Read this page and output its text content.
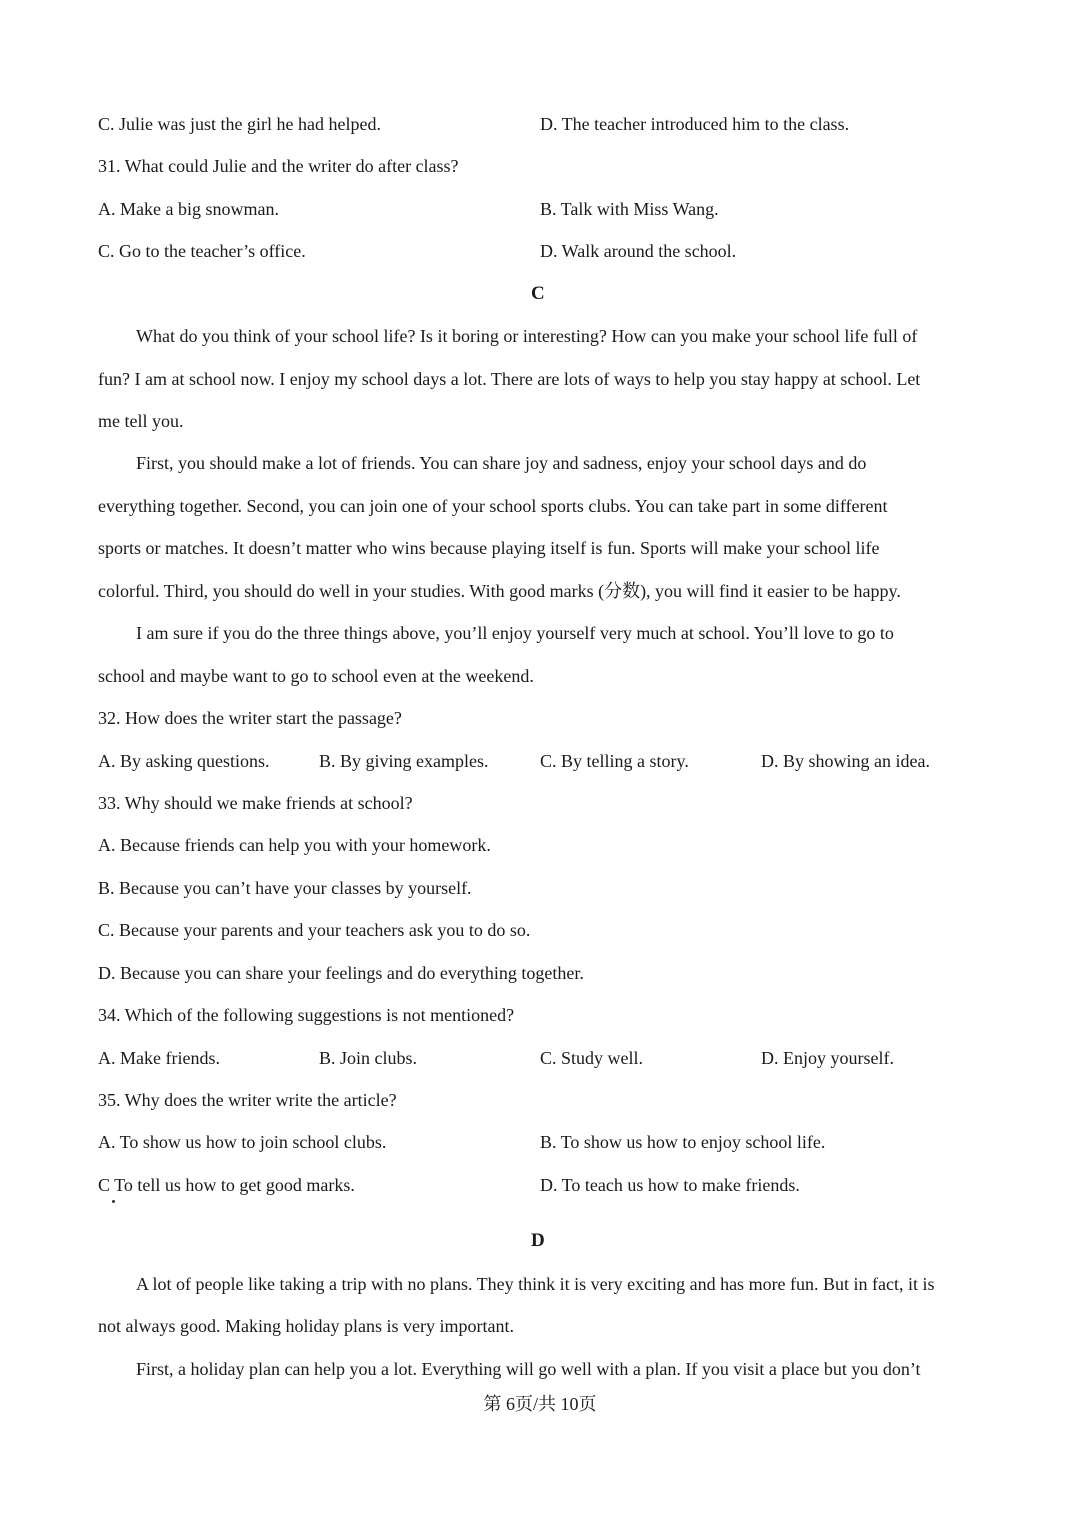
C. Julie was just the girl he had helped.	D. The teacher introduced him to the class.
31. What could Julie and the writer do after class?
A. Make a big snowman.	B. Talk with Miss Wang.
C. Go to the teacher’s office.	D. Walk around the school.
C
What do you think of your school life? Is it boring or interesting? How can you make your school life full of
fun? I am at school now. I enjoy my school days a lot. There are lots of ways to help you stay happy at school. Let
me tell you.
First, you should make a lot of friends. You can share joy and sadness, enjoy your school days and do
everything together. Second, you can join one of your school sports clubs. You can take part in some different
sports or matches. It doesn’t matter who wins because playing itself is fun. Sports will make your school life
colorful. Third, you should do well in your studies. With good marks (分数), you will find it easier to be happy.
I am sure if you do the three things above, you’ll enjoy yourself very much at school. You’ll love to go to
school and maybe want to go to school even at the weekend.
32. How does the writer start the passage?
A. By asking questions.	B. By giving examples.	C. By telling a story.	D. By showing an idea.
33. Why should we make friends at school?
A. Because friends can help you with your homework.
B. Because you can’t have your classes by yourself.
C. Because your parents and your teachers ask you to do so.
D. Because you can share your feelings and do everything together.
34. Which of the following suggestions is not mentioned?
A. Make friends.	B. Join clubs.	C. Study well.	D. Enjoy yourself.
35. Why does the writer write the article?
A. To show us how to join school clubs.	B. To show us how to enjoy school life.
C To tell us how to get good marks.	D. To teach us how to make friends.
D
A lot of people like taking a trip with no plans. They think it is very exciting and has more fun. But in fact, it is
not always good. Making holiday plans is very important.
First, a holiday plan can help you a lot. Everything will go well with a plan. If you visit a place but you don’t
第 6页/共 10页
